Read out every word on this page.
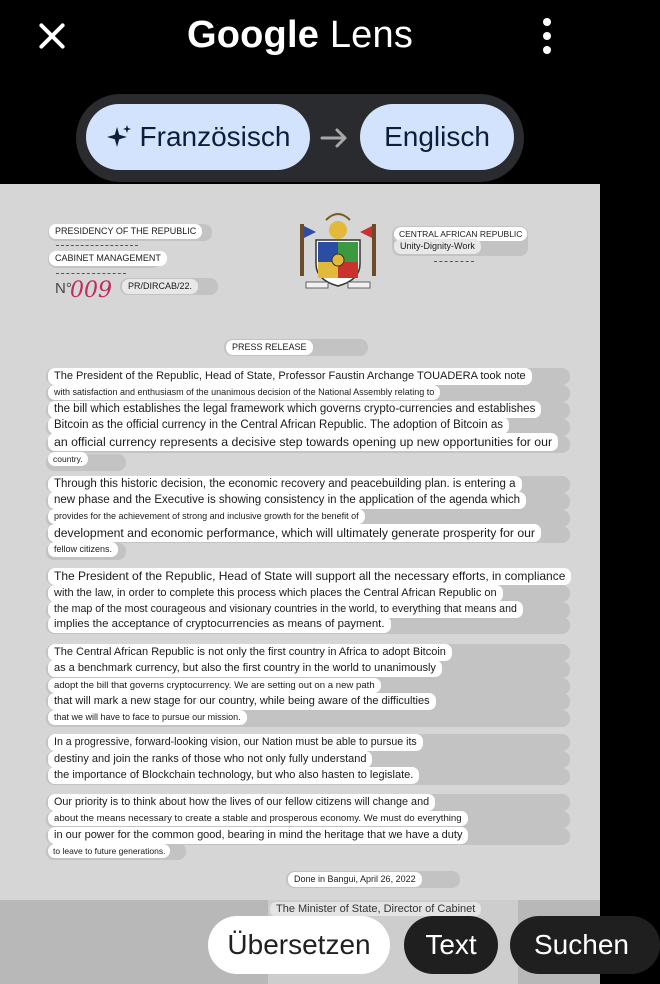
Google Lens
Französisch	Englisch
PRESIDENCY OF THE REPUBLIC
CABINET MANAGEMENT
N°
009	PR/DIRCAB/22.
CENTRAL AFRICAN REPUBLIC
Unity-Dignity-Work
PRESS RELEASE
The President of the Republic, Head of State, Professor Faustin Archange TOUADERA took note
with satisfaction and enthusiasm of the unanimous decision of the National Assembly relating to
the bill which establishes the legal framework which governs crypto-currencies and establishes
Bitcoin as the official currency in the Central African Republic. The adoption of Bitcoin as
an official currency represents a decisive step towards opening up new opportunities for our
country.
Through this historic decision, the economic recovery and peacebuilding plan. is entering a
new phase and the Executive is showing consistency in the application of the agenda which
provides for the achievement of strong and inclusive growth for the benefit of
development and economic performance, which will ultimately generate prosperity for our
fellow citizens.
The President of the Republic, Head of State will support all the necessary efforts, in compliance
with the law, in order to complete this process which places the Central African Republic on
the map of the most courageous and visionary countries in the world, to everything that means and
implies the acceptance of cryptocurrencies as means of payment.
The Central African Republic is not only the first country in Africa to adopt Bitcoin
as a benchmark currency, but also the first country in the world to unanimously
adopt the bill that governs cryptocurrency. We are setting out on a new path
that will mark a new stage for our country, while being aware of the difficulties
that we will have to face to pursue our mission.
In a progressive, forward-looking vision, our Nation must be able to pursue its
destiny and join the ranks of those who not only fully understand
the importance of Blockchain technology, but who also hasten to legislate.
Our priority is to think about how the lives of our fellow citizens will change and
about the means necessary to create a stable and prosperous economy. We must do everything
in our power for the common good, bearing in mind the heritage that we have a duty
to leave to future generations.
Done in Bangui, April 26, 2022
The Minister of State, Director of Cabinet
Übersetzen Text Suchen
